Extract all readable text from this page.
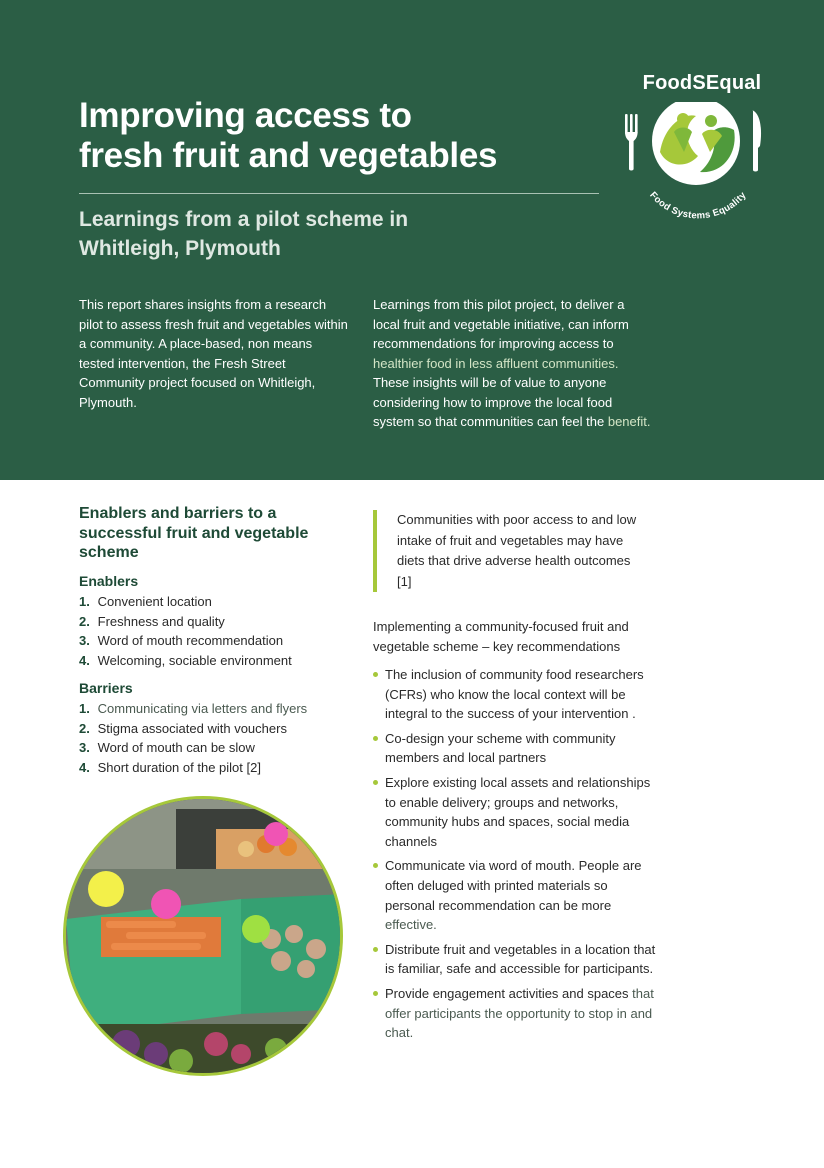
Improving access to
fresh fruit and vegetables
Learnings from a pilot scheme in
Whitleigh, Plymouth

This report shares insights from a research pilot to assess fresh fruit and vegetables within a community. A place-based, non means tested intervention, the Fresh Street Community project focused on Whitleigh, Plymouth.

Learnings from this pilot project, to deliver a local fruit and vegetable initiative, can inform recommendations for improving access to healthier food in less affluent communities. These insights will be of value to anyone considering how to improve the local food system so that communities can feel the benefit.

FoodSEqual
Food Systems Equality
Enablers and barriers to a successful fruit and vegetable scheme
Enablers
1. Convenient location
2. Freshness and quality
3. Word of mouth recommendation
4. Welcoming, sociable environment
Barriers
1. Communicating via letters and flyers
2. Stigma associated with vouchers
3. Word of mouth can be slow
4. Short duration of the pilot [2]
Communities with poor access to and low intake of fruit and vegetables may have diets that drive adverse health outcomes [1]

Implementing a community-focused fruit and vegetable scheme – key recommendations

The inclusion of community food researchers (CFRs) who know the local context will be integral to the success of your intervention .
Co-design your scheme with community members and local partners
Explore existing local assets and relationships to enable delivery; groups and networks, community hubs and spaces, social media channels
Communicate via word of mouth. People are often deluged with printed materials so personal recommendation can be more effective.
Distribute fruit and vegetables in a location that is familiar, safe and accessible for participants.
Provide engagement activities and spaces that offer participants the opportunity to stop in and chat.
